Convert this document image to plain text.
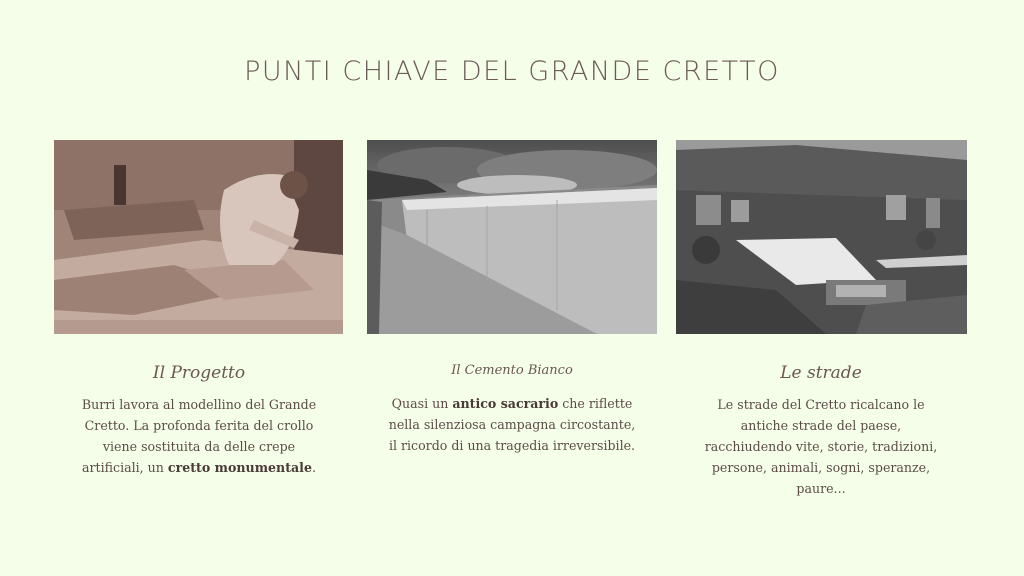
PUNTI CHIAVE DEL GRANDE CRETTO

Il Progetto

Burri lavora al modellino del Grande Cretto. La profonda ferita del crollo viene sostituita da delle crepe artificiali, un cretto monumentale.

Il Cemento Bianco

Quasi un antico sacrario che riflette nella silenziosa campagna circostante, il ricordo di una tragedia irreversibile.

Le strade

Le strade del Cretto ricalcano le antiche strade del paese, racchiudendo vite, storie, tradizioni, persone, animali, sogni, speranze, paure...
